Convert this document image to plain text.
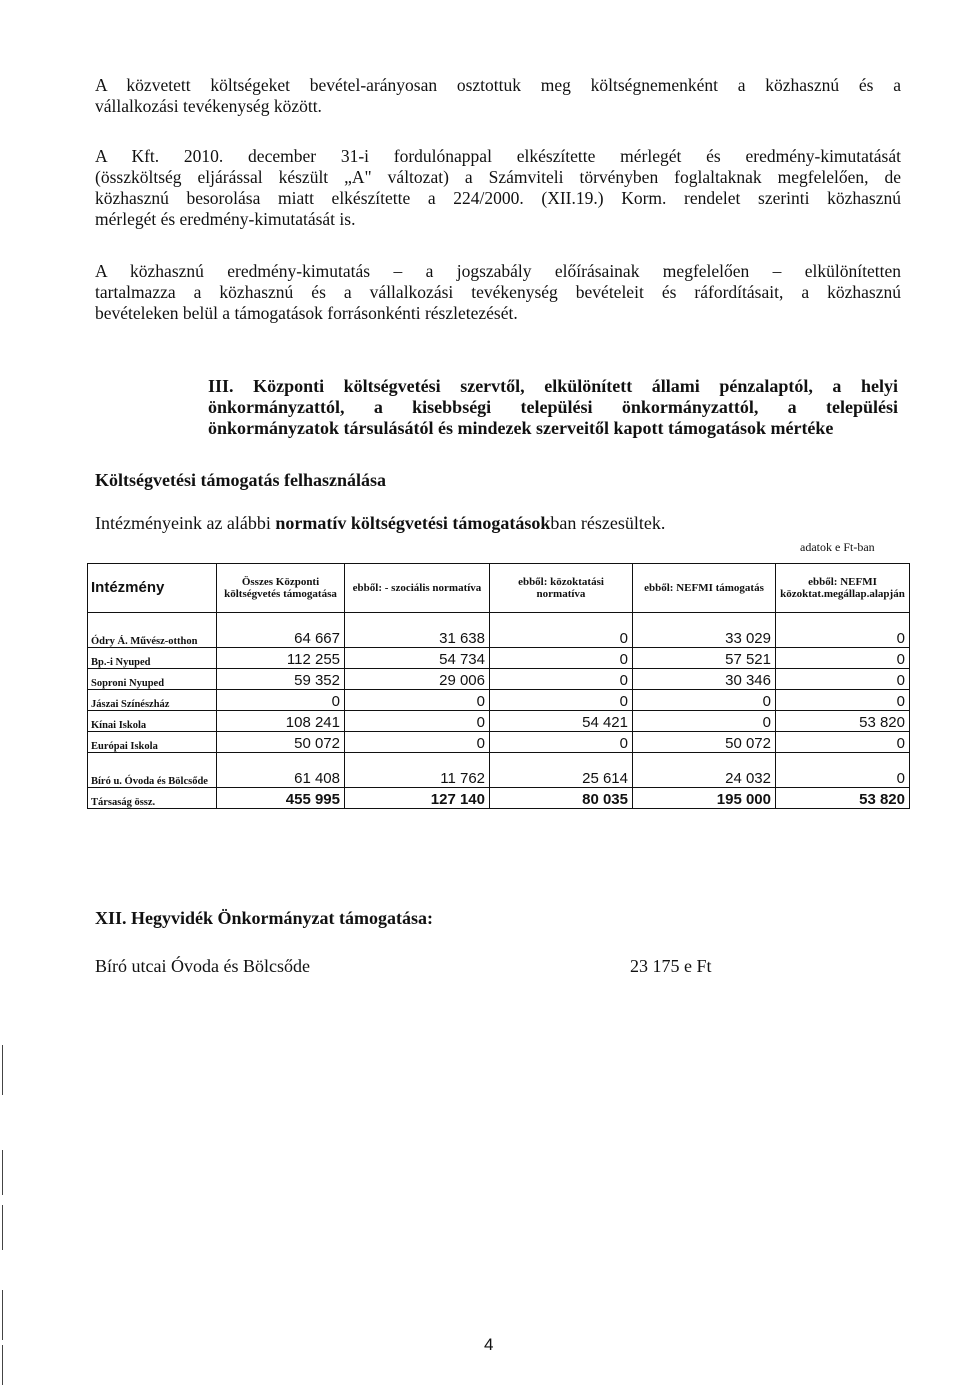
A közvetett költségeket bevétel-arányosan osztottuk meg költségnemenként a közhasznú és a
vállalkozási tevékenység között.

A Kft. 2010. december 31-i fordulónappal elkészítette mérlegét és eredmény-kimutatását
(összköltség eljárással készült „A" változat) a Számviteli törvényben foglaltaknak megfelelően, de
közhasznú besorolása miatt elkészítette a 224/2000. (XII.19.) Korm. rendelet szerinti közhasznú
mérlegét és eredmény-kimutatását is.

A közhasznú eredmény-kimutatás – a jogszabály előírásainak megfelelően – elkülönítetten
tartalmazza a közhasznú és a vállalkozási tevékenység bevételeit és ráfordításait, a közhasznú
bevételeken belül a támogatások forrásonkénti részletezését.

III. Központi költségvetési szervtől, elkülönített állami pénzalaptól, a helyi
önkormányzattól, a kisebbségi települési önkormányzattól, a települési
önkormányzatok társulásától és mindezek szerveitől kapott támogatások mértéke

Költségvetési támogatás felhasználása

Intézményeink az alábbi normatív költségvetési támogatásokban részesültek.

adatok e Ft-ban

Intézmény	Összes Központi költségvetés támogatása	ebből: - szociális normatíva	ebből: közoktatási normatíva	ebből: NEFMI támogatás	ebből: NEFMI közoktat.megállap.alapján
Ódry Á. Művész-otthon	64 667	31 638	0	33 029	0
Bp.-i Nyuped	112 255	54 734	0	57 521	0
Soproni Nyuped	59 352	29 006	0	30 346	0
Jászai Színészház	0	0	0	0	0
Kínai Iskola	108 241	0	54 421	0	53 820
Európai Iskola	50 072	0	0	50 072	0
Bíró u. Óvoda és Bölcsőde	61 408	11 762	25 614	24 032	0
Társaság össz.	455 995	127 140	80 035	195 000	53 820

XII. Hegyvidék Önkormányzat támogatása:

Bíró utcai Óvoda és Bölcsőde	23 175 e Ft

4
